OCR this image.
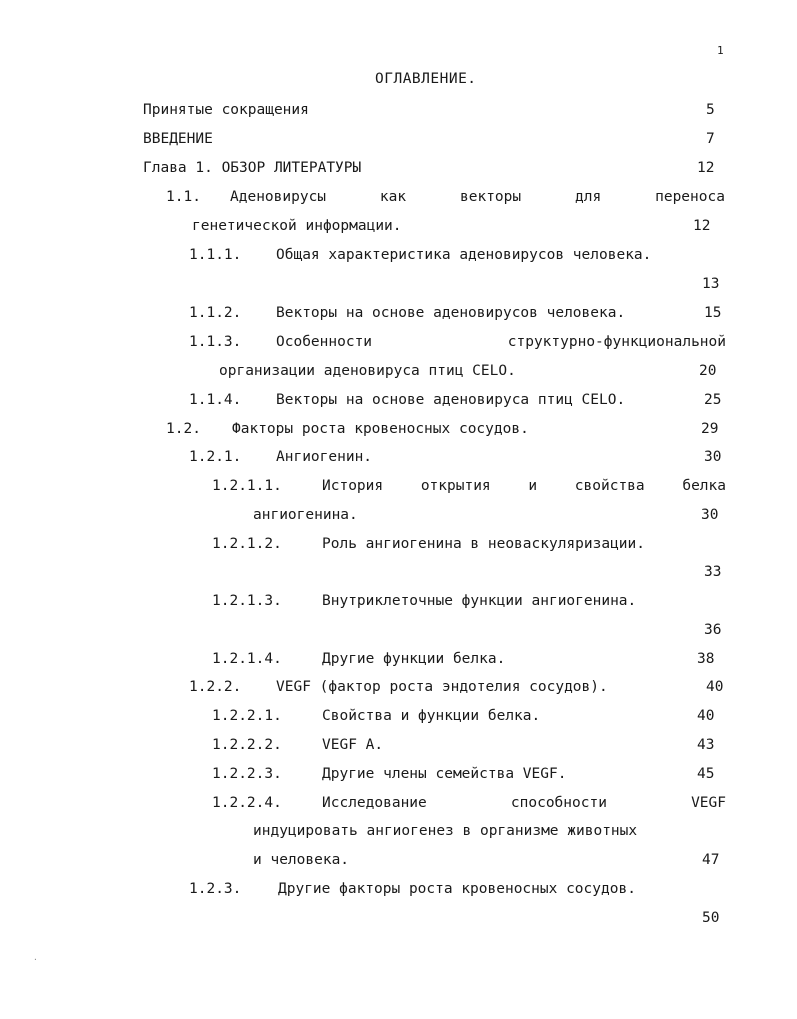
1
ОГЛАВЛЕНИЕ.
Принятые сокращения	5
ВВЕДЕНИЕ	7
Глава 1. ОБЗОР ЛИТЕРАТУРЫ	12
1.1. Аденовирусы	как	векторы	для	переноса
генетической информации.	12
1.1.1. Общая характеристика аденовирусов человека.
13
1.1.2. Векторы на основе аденовирусов человека.	15
1.1.3. Особенности	структурно-функциональной
организации аденовируса птиц CELO.	20
1.1.4. Векторы на основе аденовируса птиц CELO.	25
1.2. Факторы роста кровеносных сосудов.	29
1.2.1. Ангиогенин.	30
1.2.1.1.	История	открытия	и	свойства	белка
ангиогенина.	30
1.2.1.2.	Роль ангиогенина в неоваскуляризации.
33
1.2.1.3.	Внутриклеточные функции ангиогенина.
36
1.2.1.4.	Другие функции белка.	38
1.2.2. VEGF (фактор роста эндотелия сосудов).	40
1.2.2.1.	Свойства и функции белка.	40
1.2.2.2.	VEGF A.	43
1.2.2.3.	Другие члены семейства VEGF.	45
1.2.2.4.	Исследование	способности	VEGF
индуцировать ангиогенез в организме животных
и человека.	47
1.2.3.	Другие факторы роста кровеносных сосудов.
50
·
